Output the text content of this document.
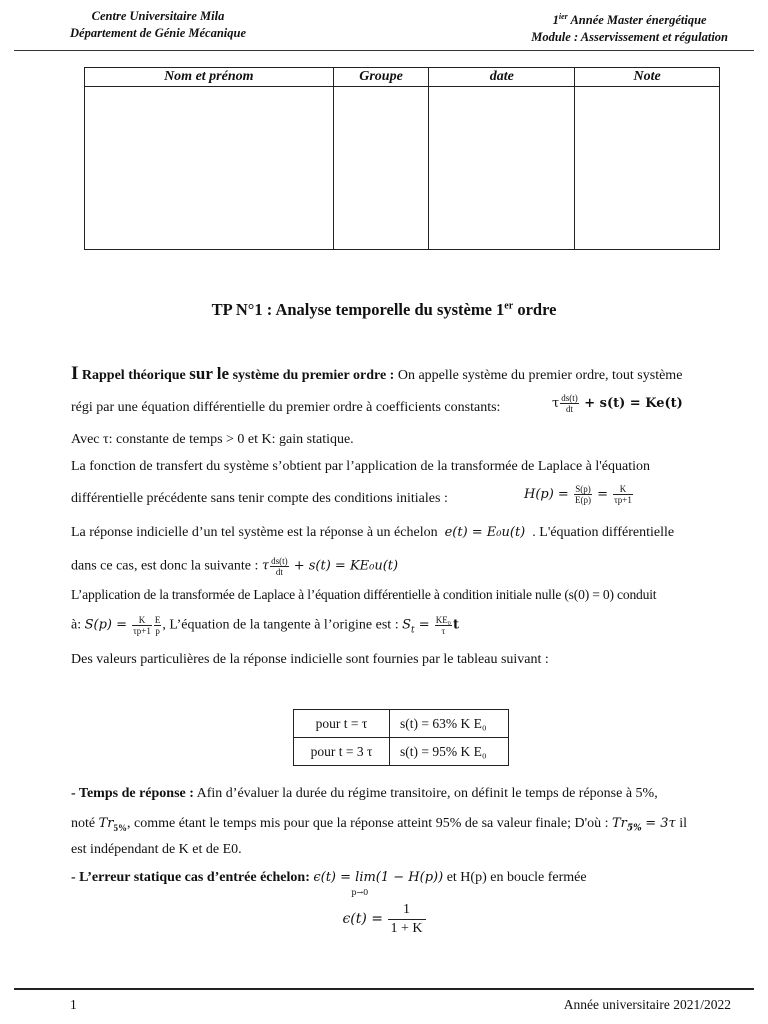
Centre Universitaire Mila
Département de Génie Mécanique
$1^{ier}$ Année Master énergétique
Module : Asservissement et régulation
Nom et prénom	Groupe	date	Note

TP N°1 : Analyse temporelle du système 1er ordre
I Rappel théorique sur le système du premier ordre : On appelle système du premier ordre, tout système
régi par une équation différentielle du premier ordre à coefficients constants:	τ $\frac{ds(t)}{dt} + s(t) = Ke(t)$
Avec τ: constante de temps > 0 et K: gain statique.
La fonction de transfert du système s’obtient par l’application de la transformée de Laplace à l'équation
différentielle précédente sans tenir compte des conditions initiales :	$H(p) = \frac{S(p)}{E(p)} = \frac{K}{\tau p+1}$
La réponse indicielle d’un tel système est la réponse à un échelon e(t) = E₀u(t) . L'équation différentielle
dans ce cas, est donc la suivante : τ $\frac{ds(t)}{dt} + s(t) = KE_0u(t)$
L’application de la transformée de Laplace à l’équation différentielle à condition initiale nulle (s(0) = 0) conduit
à: $S(p) = \frac{K}{\tau p+1} \frac{E}{p}$ , L’équation de la tangente à l’origine est : $S_t = \frac{\text{KE₀}}{\tau}$ t
Des valeurs particulières de la réponse indicielle sont fournies par le tableau suivant :
pour t = τ	s(t) = 63% K E₀
pour t = 3 τ	s(t) = 95% K E₀
- Temps de réponse : Afin d’évaluer la durée du régime transitoire, on définit le temps de réponse à 5%,
noté $Tr_{5\%}$, comme étant le temps mis pour que la réponse atteint 95% de sa valeur finale; D'où : $Tr_{5\%} = 3\tau$ il
est indépendant de K et de E0.
- L’erreur statique cas d’entrée échelon: ϵ(t) = lim(1 − H(p))
p→0
et H(p) en boucle fermée
$\epsilon(t) = \frac{1}{1 + K}$
1	Année universitaire 2021/2022
